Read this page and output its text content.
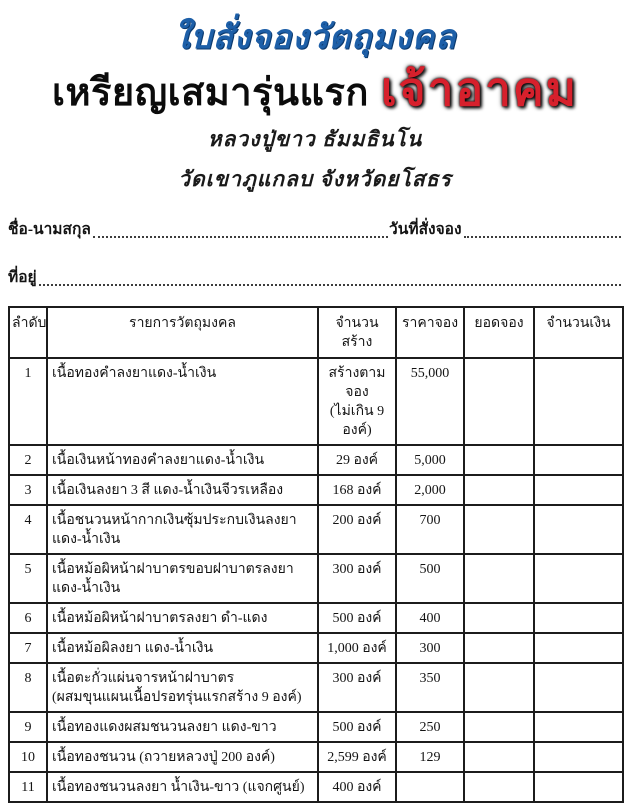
ใบสั่งจองวัตถุมงคล
เหรียญเสมารุ่นแรก เจ้าอาคม
หลวงปู่ขาว ธัมมธินโน
วัดเขาภูแกลบ จังหวัดยโสธร
ชื่อ-นามสกุล	วันที่สั่งจอง
ที่อยู่
ลำดับ	รายการวัตถุมงคล	จำนวนสร้าง	ราคาจอง	ยอดจอง	จำนวนเงิน

1	เนื้อทองคำลงยาแดง-น้ำเงิน	สร้างตามจอง
(ไม่เกิน 9 องค์)	55,000		

2	เนื้อเงินหน้าทองคำลงยาแดง-น้ำเงิน	29 องค์	5,000		

3	เนื้อเงินลงยา 3 สี แดง-น้ำเงินจีวรเหลือง	168 องค์	2,000		

4	เนื้อชนวนหน้ากากเงินซุ้มประกบเงินลงยา
แดง-น้ำเงิน	200 องค์	700		

5	เนื้อหม้อผิหน้าฝาบาตรขอบฝาบาตรลงยา
แดง-น้ำเงิน	300 องค์	500		

6	เนื้อหม้อผิหน้าฝาบาตรลงยา ดำ-แดง	500 องค์	400		

7	เนื้อหม้อผิลงยา แดง-น้ำเงิน	1,000 องค์	300		

8	เนื้อตะกั่วแผ่นจารหน้าฝาบาตร
(ผสมขุนแผนเนื้อปรอทรุ่นแรกสร้าง 9 องค์)	300 องค์	350		

9	เนื้อทองแดงผสมชนวนลงยา แดง-ขาว	500 องค์	250		

10	เนื้อทองชนวน (ถวายหลวงปู่ 200 องค์)	2,599 องค์	129		

11	เนื้อทองชนวนลงยา น้ำเงิน-ขาว (แจกศูนย์)	400 องค์			
